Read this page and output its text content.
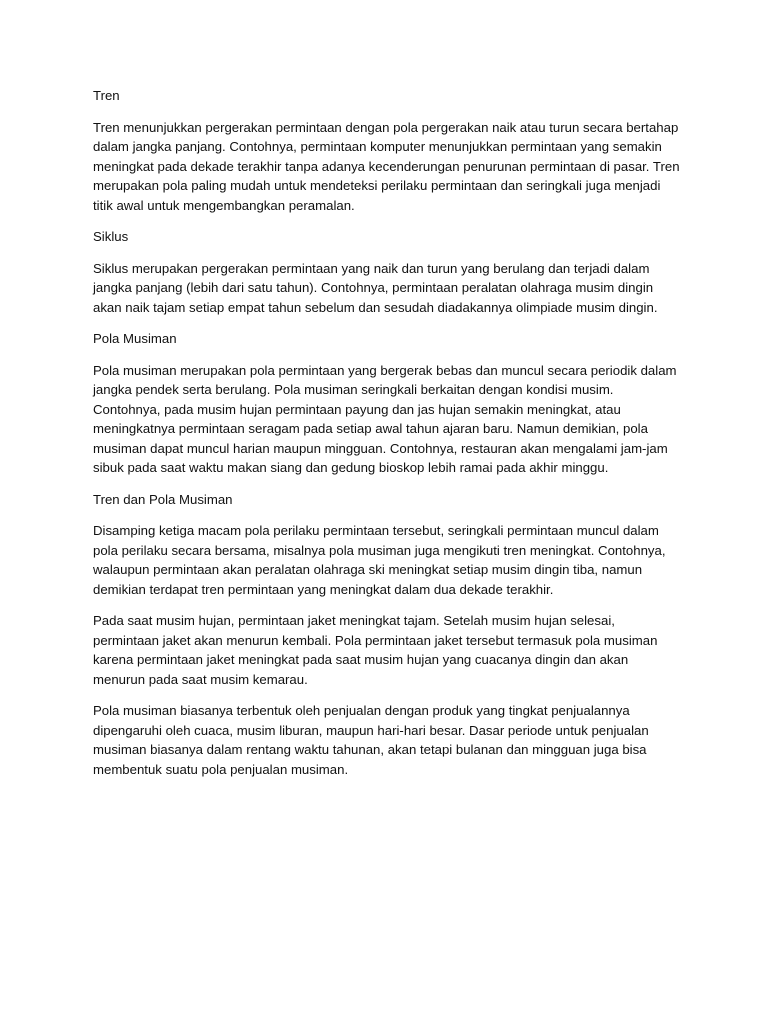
Tren
Tren menunjukkan pergerakan permintaan dengan pola pergerakan naik atau turun secara bertahap dalam jangka panjang. Contohnya, permintaan komputer menunjukkan permintaan yang semakin meningkat pada dekade terakhir tanpa adanya kecenderungan penurunan permintaan di pasar. Tren merupakan pola paling mudah untuk mendeteksi perilaku permintaan dan seringkali juga menjadi titik awal untuk mengembangkan peramalan.
Siklus
Siklus merupakan pergerakan permintaan yang naik dan turun yang berulang dan terjadi dalam jangka panjang (lebih dari satu tahun). Contohnya, permintaan peralatan olahraga musim dingin akan naik tajam setiap empat tahun sebelum dan sesudah diadakannya olimpiade musim dingin.
Pola Musiman
Pola musiman merupakan pola permintaan yang bergerak bebas dan muncul secara periodik dalam jangka pendek serta berulang. Pola musiman seringkali berkaitan dengan kondisi musim. Contohnya, pada musim hujan permintaan payung dan jas hujan semakin meningkat, atau meningkatnya permintaan seragam pada setiap awal tahun ajaran baru. Namun demikian, pola musiman dapat muncul harian maupun mingguan. Contohnya, restauran akan mengalami jam-jam sibuk pada saat waktu makan siang dan gedung bioskop lebih ramai pada akhir minggu.
Tren dan Pola Musiman
Disamping ketiga macam pola perilaku permintaan tersebut, seringkali permintaan muncul dalam pola perilaku secara bersama, misalnya pola musiman juga mengikuti tren meningkat. Contohnya, walaupun permintaan akan peralatan olahraga ski meningkat setiap musim dingin tiba, namun demikian terdapat tren permintaan yang meningkat dalam dua dekade terakhir.
Pada saat musim hujan, permintaan jaket meningkat tajam. Setelah musim hujan selesai, permintaan jaket akan menurun kembali. Pola permintaan jaket tersebut termasuk pola musiman karena permintaan jaket meningkat pada saat musim hujan yang cuacanya dingin dan akan menurun pada saat musim kemarau.
Pola musiman biasanya terbentuk oleh penjualan dengan produk yang tingkat penjualannya dipengaruhi oleh cuaca, musim liburan, maupun hari-hari besar. Dasar periode untuk penjualan musiman biasanya dalam rentang waktu tahunan, akan tetapi bulanan dan mingguan juga bisa membentuk suatu pola penjualan musiman.
